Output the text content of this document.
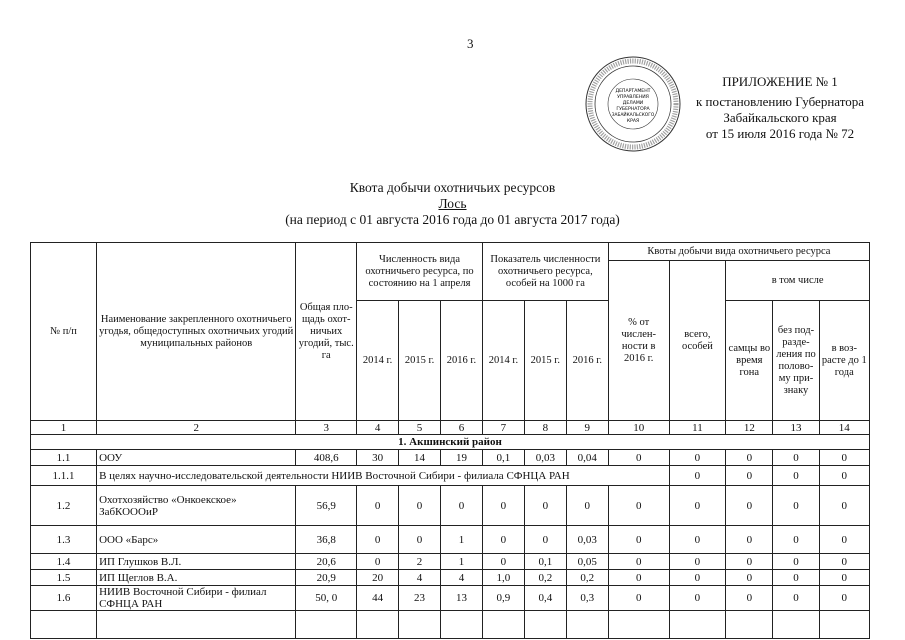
3
ДЕПАРТАМЕНТ
УПРАВЛЕНИЯ
ДЕЛАМИ
ГУБЕРНАТОРА
ЗАБАЙКАЛЬСКОГО
КРАЯ
ПРИЛОЖЕНИЕ № 1
к постановлению Губернатора
Забайкальского края
от 15 июля 2016 года № 72
Квота добычи охотничьих ресурсов
Лось
(на период с 01 августа 2016 года до 01 августа 2017 года)
№ п/п	Наименование закрепленного охотничьего угодья, общедоступных охотничьих угодий муниципальных районов	Общая пло-щадь охот-ничьих угодий, тыс. га	Численность вида охотничьего ресурса, по состоянию на 1 апреля			Показатель численности охотничьего ресурса, особей на 1000 га			Квоты добычи вида охотничьего ресурса				
									% от числен-ности в 2016 г.	всего, особей	в том числе		
			2014 г.	2015 г.	2016 г.	2014 г.	2015 г.	2016 г.			самцы во время гона	без под-разде-ления по полово-му при-знаку	в воз-расте до 1 года
1	2	3	4	5	6	7	8	9	10	11	12	13	14
1. Акшинский район													
1.1	ООУ	408,6	30	14	19	0,1	0,03	0,04	0	0	0	0	0
1.1.1	В целях научно-исследовательской деятельности НИИВ Восточной Сибири - филиала СФНЦА РАН									0	0	0	0
1.2	Охотхозяйство «Онкоекское» ЗабКОООиР	56,9	0	0	0	0	0	0	0	0	0	0	0
1.3	ООО «Барс»	36,8	0	0	1	0	0	0,03	0	0	0	0	0
1.4	ИП Глушков В.Л.	20,6	0	2	1	0	0,1	0,05	0	0	0	0	0
1.5	ИП Щеглов В.А.	20,9	20	4	4	1,0	0,2	0,2	0	0	0	0	0
1.6	НИИВ Восточной Сибири - филиал СФНЦА РАН	50, 0	44	23	13	0,9	0,4	0,3	0	0	0	0	0
